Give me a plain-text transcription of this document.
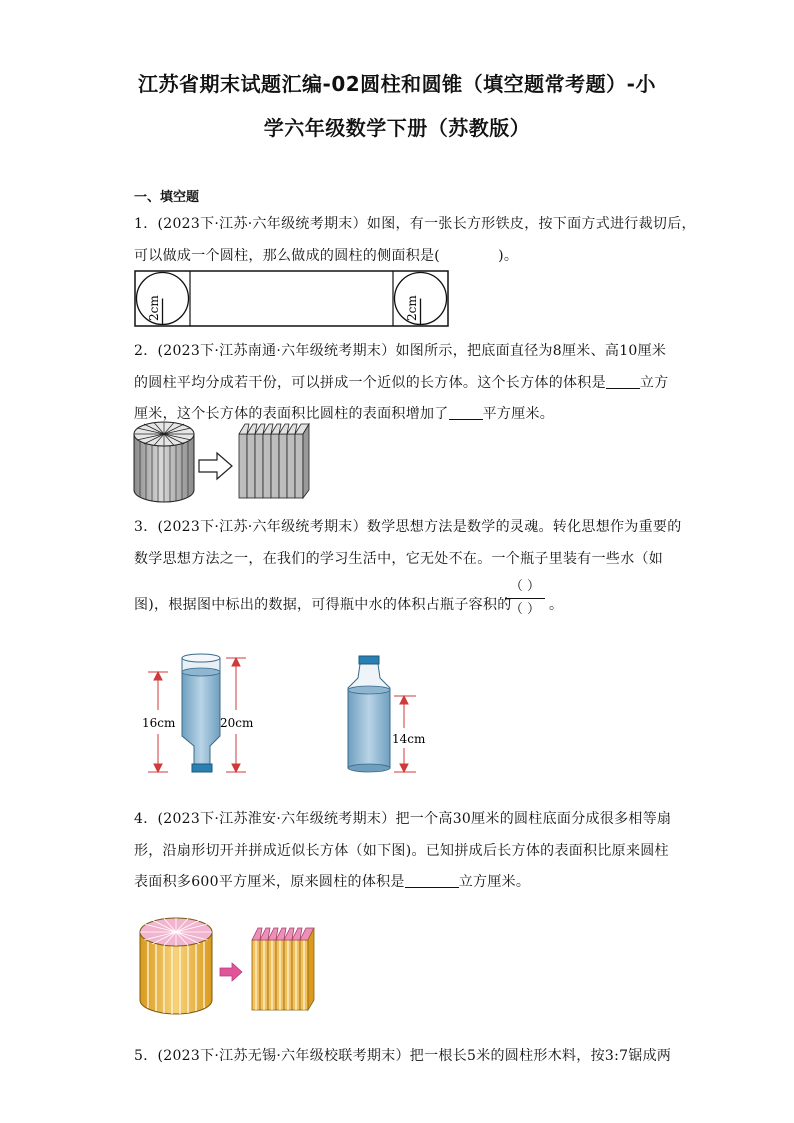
江苏省期末试题汇编-02圆柱和圆锥（填空题常考题）-小
学六年级数学下册（苏教版）
一、填空题
1．(2023下·江苏·六年级统考期末）如图，有一张长方形铁皮，按下面方式进行裁切后，
可以做成一个圆柱，那么做成的圆柱的侧面积是(	)。
2cm	2cm
2．(2023下·江苏南通·六年级统考期末）如图所示，把底面直径为8厘米、高10厘米
的圆柱平均分成若干份，可以拼成一个近似的长方体。这个长方体的体积是 立方
厘米，这个长方体的表面积比圆柱的表面积增加了 平方厘米。
3．(2023下·江苏·六年级统考期末）数学思想方法是数学的灵魂。转化思想作为重要的
数学思想方法之一，在我们的学习生活中，它无处不在。一个瓶子里装有一些水（如
图)，根据图中标出的数据，可得瓶中水的体积占瓶子容积的
（ ）
（ ） 。
16cm	20cm
14cm
4．(2023下·江苏淮安·六年级统考期末）把一个高30厘米的圆柱底面分成很多相等扇
形，沿扇形切开并拼成近似长方体（如下图)。已知拼成后长方体的表面积比原来圆柱
表面积多600平方厘米，原来圆柱的体积是	立方厘米。
5．(2023下·江苏无锡·六年级校联考期末）把一根长5米的圆柱形木料，按3:7锯成两
